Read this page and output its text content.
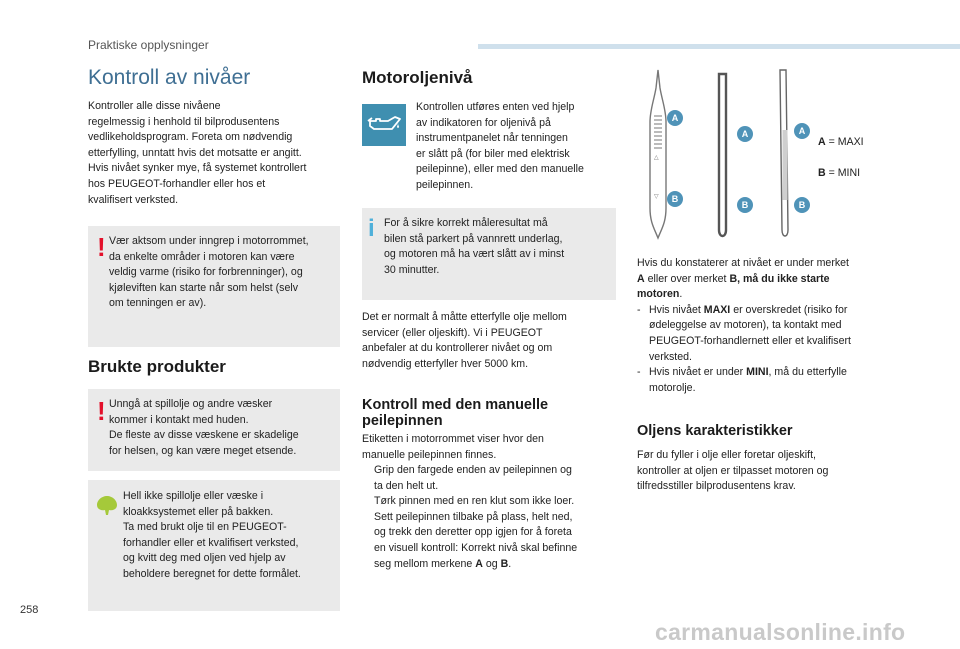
Praktiske opplysninger
Kontroll av nivåer
Kontroller alle disse nivåene
regelmessig i henhold til bilprodusentens
vedlikeholdsprogram. Foreta om nødvendig
etterfylling, unntatt hvis det motsatte er angitt.
Hvis nivået synker mye, få systemet kontrollert
hos PEUGEOT-forhandler eller hos et
kvalifisert verksted.
! Vær aktsom under inngrep i motorrommet,
da enkelte områder i motoren kan være
veldig varme (risiko for forbrenninger), og
kjøleviften kan starte når som helst (selv
om tenningen er av).
Brukte produkter
! Unngå at spillolje og andre væsker
kommer i kontakt med huden.
De fleste av disse væskene er skadelige
for helsen, og kan være meget etsende.
Hell ikke spillolje eller væske i
kloakksystemet eller på bakken.
Ta med brukt olje til en PEUGEOT-
forhandler eller et kvalifisert verksted,
og kvitt deg med oljen ved hjelp av
beholdere beregnet for dette formålet.
Motoroljenivå
Kontrollen utføres enten ved hjelp
av indikatoren for oljenivå på
instrumentpanelet når tenningen
er slått på (for biler med elektrisk
peilepinne), eller med den manuelle
peilepinnen.
i For å sikre korrekt måleresultat må
bilen stå parkert på vannrett underlag,
og motoren må ha vært slått av i minst
30 minutter.
Det er normalt å måtte etterfylle olje mellom
servicer (eller oljeskift). Vi i PEUGEOT
anbefaler at du kontrollerer nivået og om
nødvendig etterfyller hver 5000 km.
Kontroll med den manuelle
peilepinnen
Etiketten i motorrommet viser hvor den
manuelle peilepinnen finnes.
Grip den fargede enden av peilepinnen og
ta den helt ut.
Tørk pinnen med en ren klut som ikke loer.
Sett peilepinnen tilbake på plass, helt ned,
og trekk den deretter opp igjen for å foreta
en visuell kontroll: Korrekt nivå skal befinne
seg mellom merkene A og B.
△
▽
A
B
A
B
A
B
A = MAXI
B = MINI
Hvis du konstaterer at nivået er under merket
A eller over merket B, må du ikke starte
motoren.
- Hvis nivået MAXI er overskredet (risiko for
ødeleggelse av motoren), ta kontakt med
PEUGEOT-forhandlernett eller et kvalifisert
verksted.
- Hvis nivået er under MINI, må du etterfylle
motorolje.
Oljens karakteristikker
Før du fyller i olje eller foretar oljeskift,
kontroller at oljen er tilpasset motoren og
tilfredsstiller bilprodusentens krav.
258
carmanualsonline.info
